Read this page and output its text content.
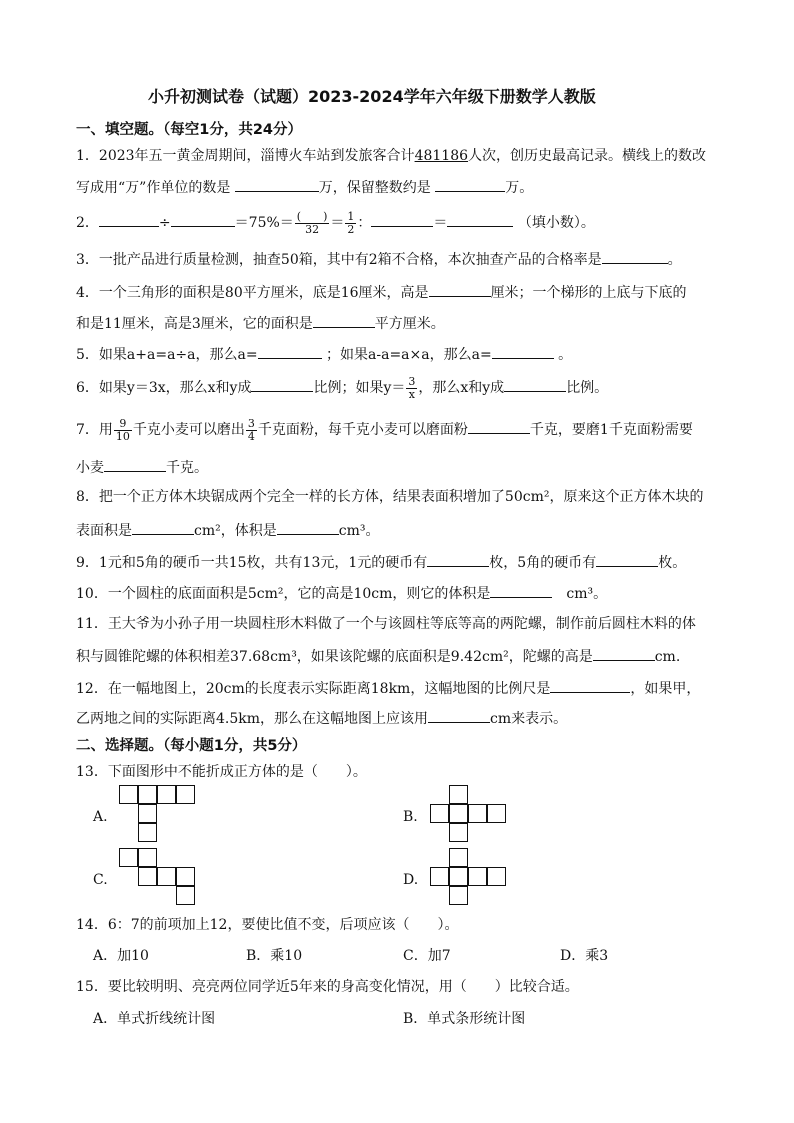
小升初测试卷（试题）2023-2024学年六年级下册数学人教版
一、填空题。（每空1分，共24分）
1．2023年五一黄金周期间，淄博火车站到发旅客合计481186人次，创历史最高记录。横线上的数改
写成用“万”作单位的数是	万，保留整数约是	万。
2．	÷	$=75\%= \frac{( )}{32} = \frac{1}{2}$ ：	＝	（填小数）。
3．一批产品进行质量检测，抽查50箱，其中有2箱不合格，本次抽查产品的合格率是	。
4．一个三角形的面积是80平方厘米，底是16厘米，高是	厘米；一个梯形的上底与下底的
和是11厘米，高是3厘米，它的面积是	平方厘米。
5．如果a+a=a÷a，那么a=	；如果a-a=a×a，那么a=	。
6．如果y＝3x，那么x和y成	比例；如果$y= \frac{3}{x}$ ，那么x和y成	比例。
7．用 $\frac{9}{10}$ 千克小麦可以磨出 $\frac{3}{4}$ 千克面粉，每千克小麦可以磨面粉	千克，要磨1千克面粉需要
小麦	千克。
8．把一个正方体木块锯成两个完全一样的长方体，结果表面积增加了50cm²，原来这个正方体木块的
表面积是	cm²，体积是	cm³。
9．1元和5角的硬币一共15枚，共有13元，1元的硬币有	枚，5角的硬币有	枚。
10．一个圆柱的底面面积是5cm²，它的高是10cm，则它的体积是　	cm³。
11．王大爷为小孙子用一块圆柱形木料做了一个与该圆柱等底等高的两陀螺，制作前后圆柱木料的体
积与圆锥陀螺的体积相差37.68cm³，如果该陀螺的底面积是9.42cm²，陀螺的高是	cm.
12．在一幅地图上，20cm的长度表示实际距离18km，这幅地图的比例尺是	，如果甲，
乙两地之间的实际距离4.5km，那么在这幅地图上应该用	cm来表示。
二、选择题。（每小题1分，共5分）
13．下面图形中不能折成正方体的是（　　）。
A.	B.
C.	D.
14．6：7的前项加上12，要使比值不变，后项应该（　　）。
A．加10	B．乘10	C．加7	D．乘3
15．要比较明明、亮亮两位同学近5年来的身高变化情况，用（　　）比较合适。
A．单式折线统计图	B．单式条形统计图
